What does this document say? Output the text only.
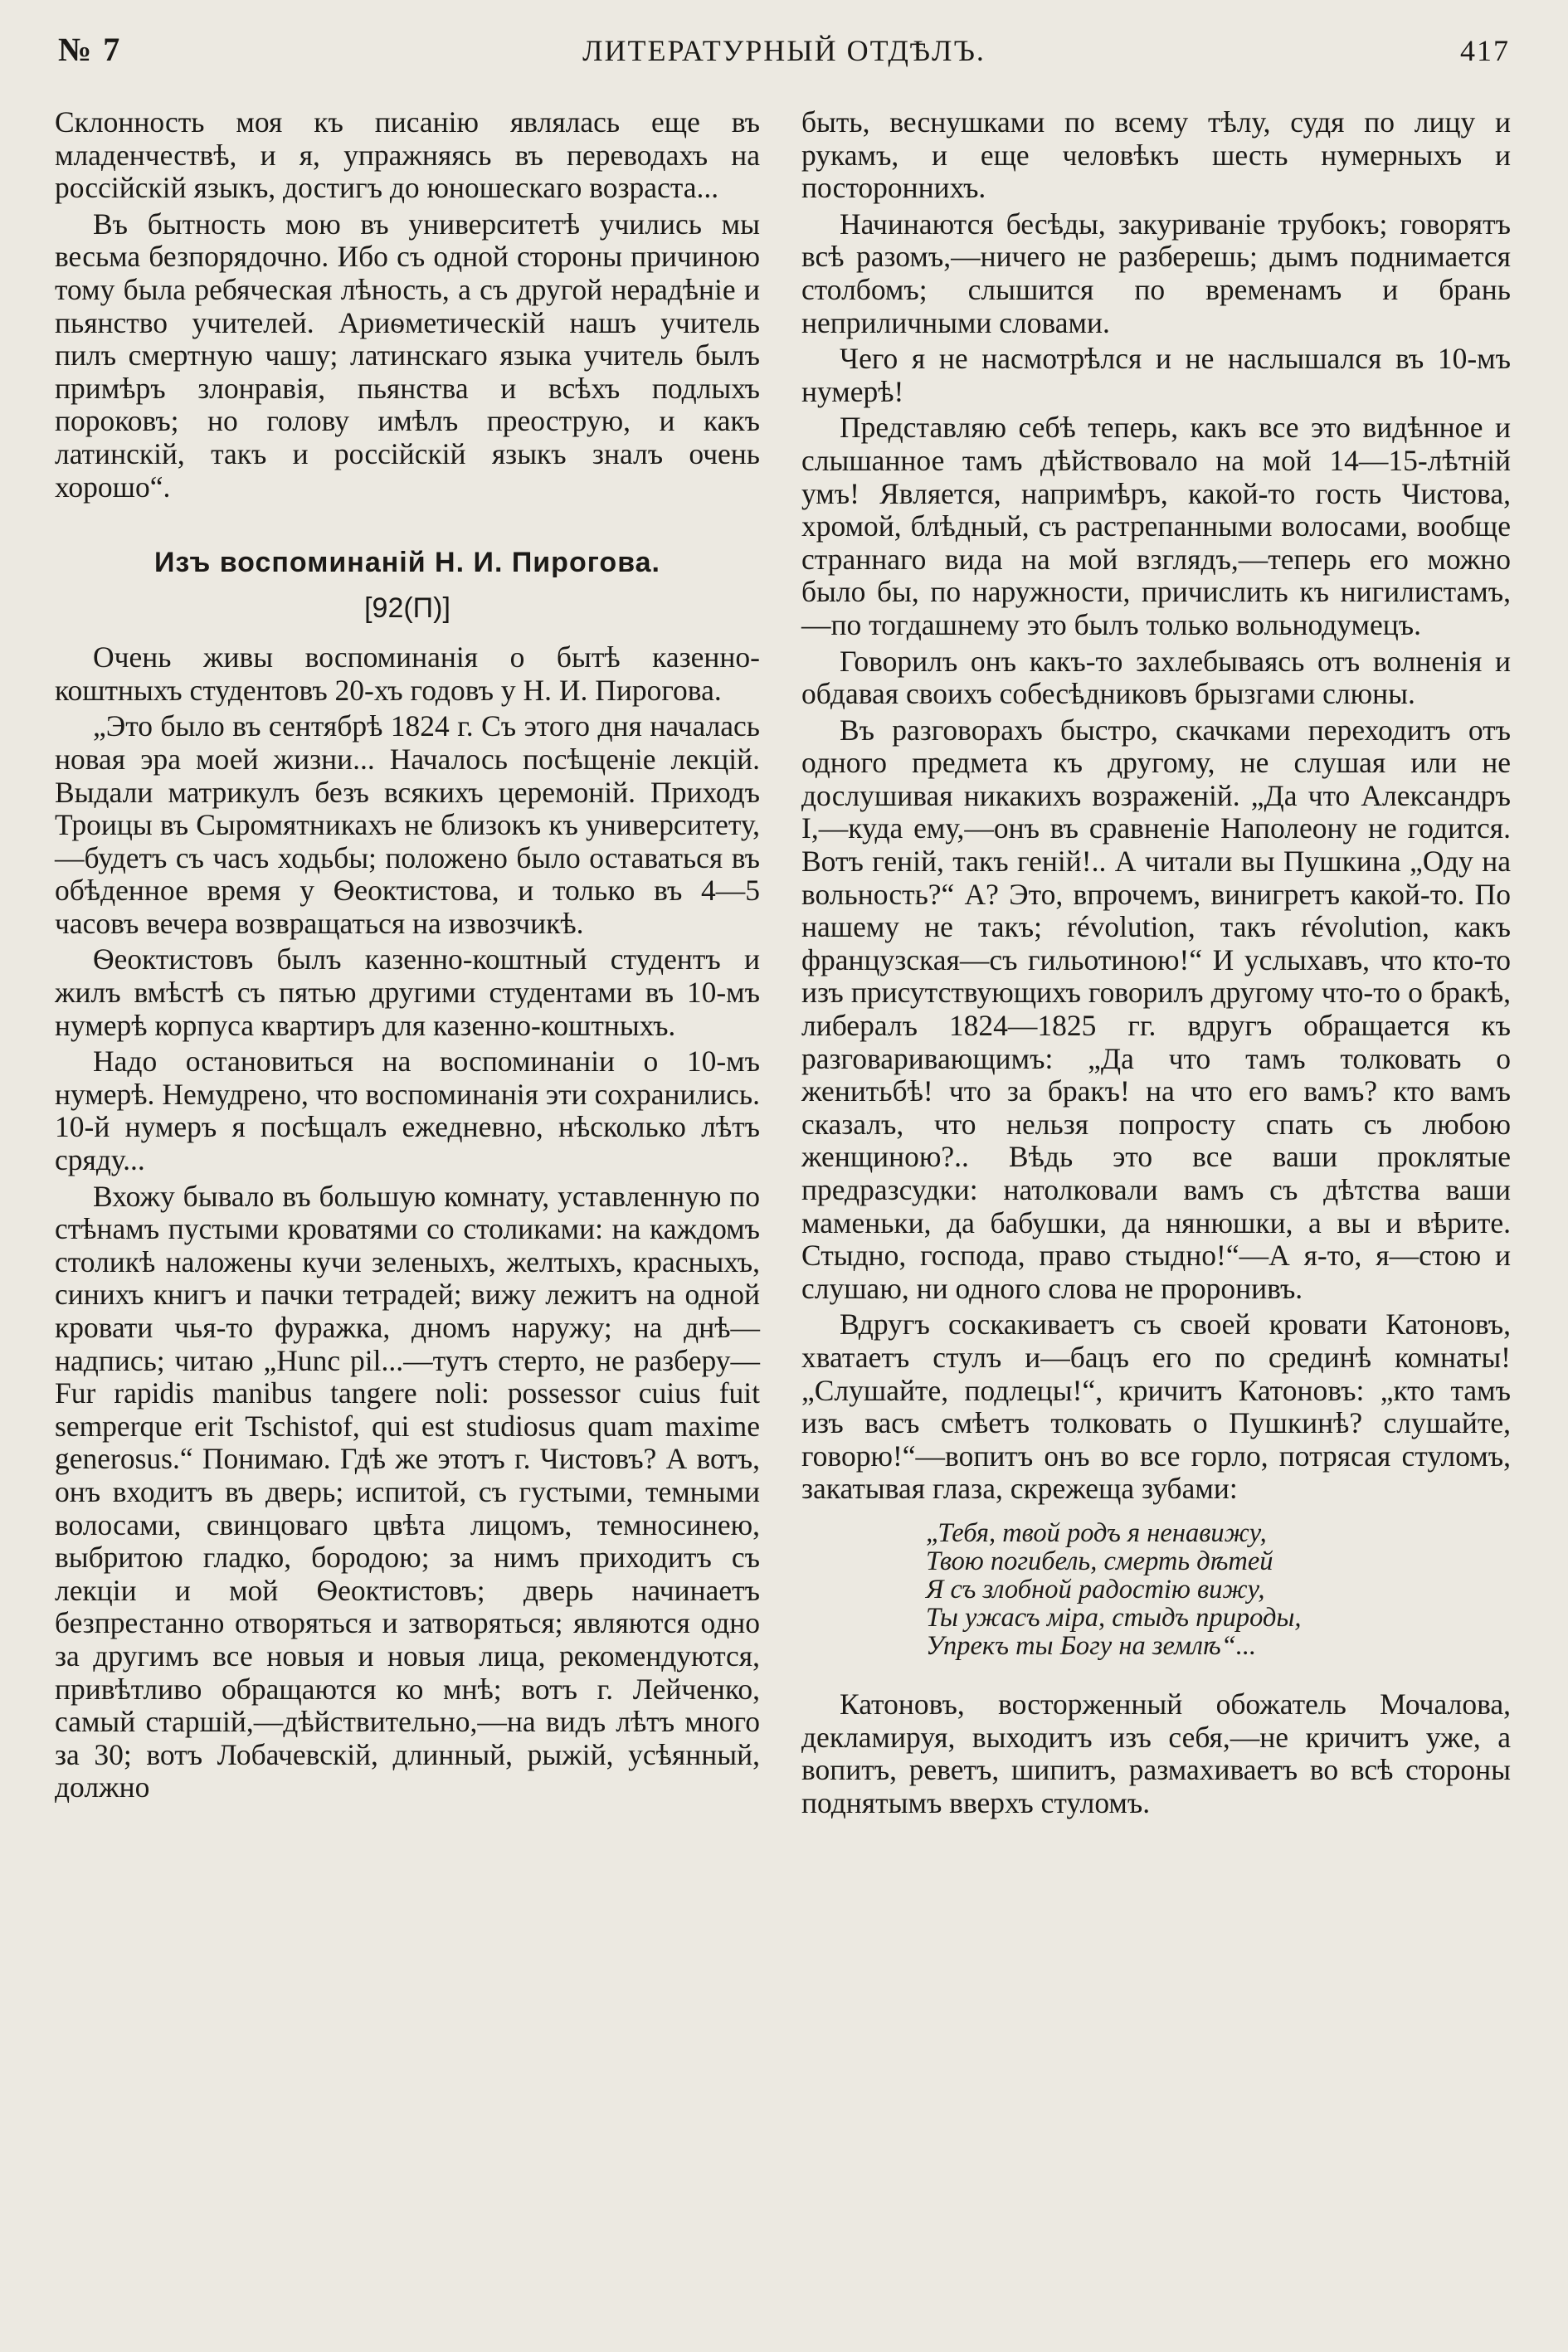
№ 7	ЛИТЕРАТУРНЫЙ ОТДѢЛЪ.	417

Склонность моя къ писанію являлась еще въ младенчествѣ, и я, упражняясь въ переводахъ на россійскій языкъ, достигъ до юношескаго возраста...

Въ бытность мою въ университетѣ учились мы весьма безпорядочно. Ибо съ одной стороны причиною тому была ребяческая лѣность, а съ другой нерадѣніе и пьянство учителей. Ариѳметическій нашъ учитель пилъ смертную чашу; латинскаго языка учитель былъ примѣръ злонравія, пьянства и всѣхъ подлыхъ пороковъ; но голову имѣлъ преострую, и какъ латинскій, такъ и россійскій языкъ зналъ очень хорошо“.

Изъ воспоминаній Н. И. Пирогова.
[92(П)]

Очень живы воспоминанія о бытѣ казенно-коштныхъ студентовъ 20-хъ годовъ у Н. И. Пирогова.

„Это было въ сентябрѣ 1824 г. Съ этого дня началась новая эра моей жизни... Началось посѣщеніе лекцій. Выдали матрикулъ безъ всякихъ церемоній. Приходъ Троицы въ Сыромятникахъ не близокъ къ университету,—будетъ съ часъ ходьбы; положено было оставаться въ обѣденное время у Ѳеоктистова, и только въ 4—5 часовъ вечера возвращаться на извозчикѣ.

Ѳеоктистовъ былъ казенно-коштный студентъ и жилъ вмѣстѣ съ пятью другими студентами въ 10-мъ нумерѣ корпуса квартиръ для казенно-коштныхъ.

Надо остановиться на воспоминаніи о 10-мъ нумерѣ. Немудрено, что воспоминанія эти сохранились. 10-й нумеръ я посѣщалъ ежедневно, нѣсколько лѣтъ сряду...

Вхожу бывало въ большую комнату, уставленную по стѣнамъ пустыми кроватями со столиками: на каждомъ столикѣ наложены кучи зеленыхъ, желтыхъ, красныхъ, синихъ книгъ и пачки тетрадей; вижу лежитъ на одной кровати чья-то фуражка, дномъ наружу; на днѣ—надпись; читаю „Hunc pil...—тутъ стерто, не разберу—Fur rapidis manibus tangere noli: possessor cuius fuit semperque erit Tschistof, qui est studiosus quam maxime generosus.“ Понимаю. Гдѣ же этотъ г. Чистовъ? А вотъ, онъ входитъ въ дверь; испитой, съ густыми, темными волосами, свинцоваго цвѣта лицомъ, темносинею, выбритою гладко, бородою; за нимъ приходитъ съ лекціи и мой Ѳеоктистовъ; дверь начинаетъ безпрестанно отворяться и затворяться; являются одно за другимъ все новыя и новыя лица, рекомендуются, привѣтливо обращаются ко мнѣ; вотъ г. Лейченко, самый старшій,—дѣйствительно,—на видъ лѣтъ много за 30; вотъ Лобачевскій, длинный, рыжій, усѣянный, должно

быть, веснушками по всему тѣлу, судя по лицу и рукамъ, и еще человѣкъ шесть нумерныхъ и постороннихъ.

Начинаются бесѣды, закуриваніе трубокъ; говорятъ всѣ разомъ,—ничего не разберешь; дымъ поднимается столбомъ; слышится по временамъ и брань неприличными словами.

Чего я не насмотрѣлся и не наслышался въ 10-мъ нумерѣ!

Представляю себѣ теперь, какъ все это видѣнное и слышанное тамъ дѣйствовало на мой 14—15-лѣтній умъ! Является, напримѣръ, какой-то гость Чистова, хромой, блѣдный, съ растрепанными волосами, вообще страннаго вида на мой взглядъ,—теперь его можно было бы, по наружности, причислить къ нигилистамъ,—по тогдашнему это былъ только вольнодумецъ.

Говорилъ онъ какъ-то захлебываясь отъ волненія и обдавая своихъ собесѣдниковъ брызгами слюны.

Въ разговорахъ быстро, скачками переходитъ отъ одного предмета къ другому, не слушая или не дослушивая никакихъ возраженій. „Да что Александръ I,—куда ему,—онъ въ сравненіе Наполеону не годится. Вотъ геній, такъ геній!.. А читали вы Пушкина „Оду на вольность?“ А? Это, впрочемъ, винигретъ какой-то. По нашему не такъ; révolution, такъ révolution, какъ французская—съ гильотиною!“ И услыхавъ, что кто-то изъ присутствующихъ говорилъ другому что-то о бракѣ, либералъ 1824—1825 гг. вдругъ обращается къ разговаривающимъ: „Да что тамъ толковать о женитьбѣ! что за бракъ! на что его вамъ? кто вамъ сказалъ, что нельзя попросту спать съ любою женщиною?.. Вѣдь это все ваши проклятые предразсудки: натолковали вамъ съ дѣтства ваши маменьки, да бабушки, да нянюшки, а вы и вѣрите. Стыдно, господа, право стыдно!“—А я-то, я—стою и слушаю, ни одного слова не проронивъ.

Вдругъ соскакиваетъ съ своей кровати Катоновъ, хватаетъ стулъ и—бацъ его по срединѣ комнаты! „Слушайте, подлецы!“, кричитъ Катоновъ: „кто тамъ изъ васъ смѣетъ толковать о Пушкинѣ? слушайте, говорю!“—вопитъ онъ во все горло, потрясая стуломъ, закатывая глаза, скрежеща зубами:

„Тебя, твой родъ я ненавижу,
Твою погибель, смерть дѣтей
Я съ злобной радостію вижу,
Ты ужасъ міра, стыдъ природы,
Упрекъ ты Богу на землѣ“...

Катоновъ, восторженный обожатель Мочалова, декламируя, выходитъ изъ себя,—не кричитъ уже, а вопитъ, реветъ, шипитъ, размахиваетъ во всѣ стороны поднятымъ вверхъ стуломъ.
